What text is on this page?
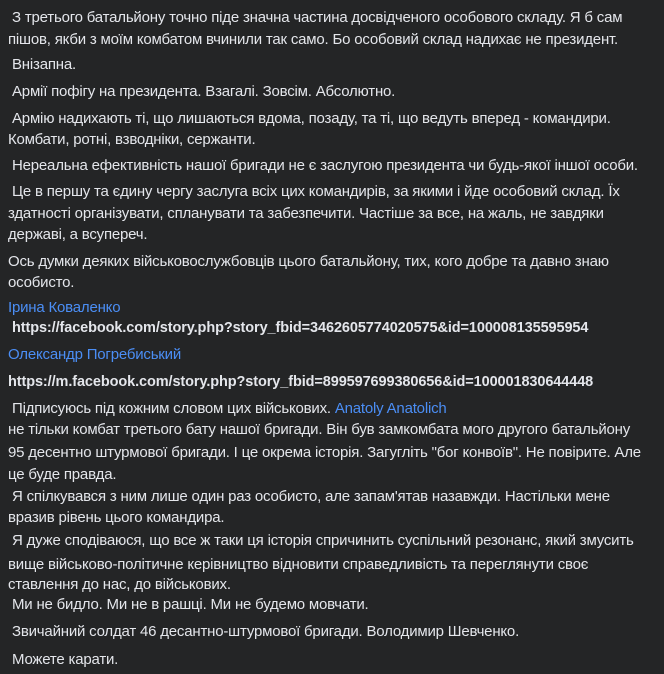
З третього батальйону точно піде значна частина досвідченого особового складу. Я б сам
пішов, якби з моїм комбатом вчинили так само. Бо особовий склад надихає не президент.
Внізапна.
Армії пофігу на президента. Взагалі. Зовсім. Абсолютно.
Армію надихають ті, що лишаються вдома, позаду, та ті, що ведуть вперед - командири.
Комбати, ротні, взводніки, сержанти.
Нереальна ефективність нашої бригади не є заслугою президента чи будь-якої іншої особи.
Це в першу та єдину чергу заслуга всіх цих командирів, за якими і йде особовий склад. Їх
здатності організувати, спланувати та забезпечити. Частіше за все, на жаль, не завдяки
державі, а всупереч.
Ось думки деяких військовослужбовців цього батальйону, тих, кого добре та давно знаю
особисто.
Ірина Коваленко
https://facebook.com/story.php?story_fbid=3462605774020575&id=100008135595954
Олександр Погребиський
https://m.facebook.com/story.php?story_fbid=899597699380656&id=100001830644448
Підписуюсь під кожним словом цих військових. Anatoly Anatolich
не тільки комбат третього бату нашої бригади. Він був замкомбата мого другого батальйону
95 десентно штурмової бригади. І це окрема історія. Загугліть "бог конвоїв". Не повірите. Але
це буде правда.
Я спілкувався з ним лише один раз особисто, але запам'ятав назавжди. Настільки мене
вразив рівень цього командира.
Я дуже сподіваюся, що все ж таки ця історія спричинить суспільний резонанс, який змусить
вище військово-політичне керівництво відновити справедливість та переглянути своє
ставлення до нас, до військових.
Ми не бидло. Ми не в рашці. Ми не будемо мовчати.
Звичайний солдат 46 десантно-штурмової бригади. Володимир Шевченко.
Можете карати.
